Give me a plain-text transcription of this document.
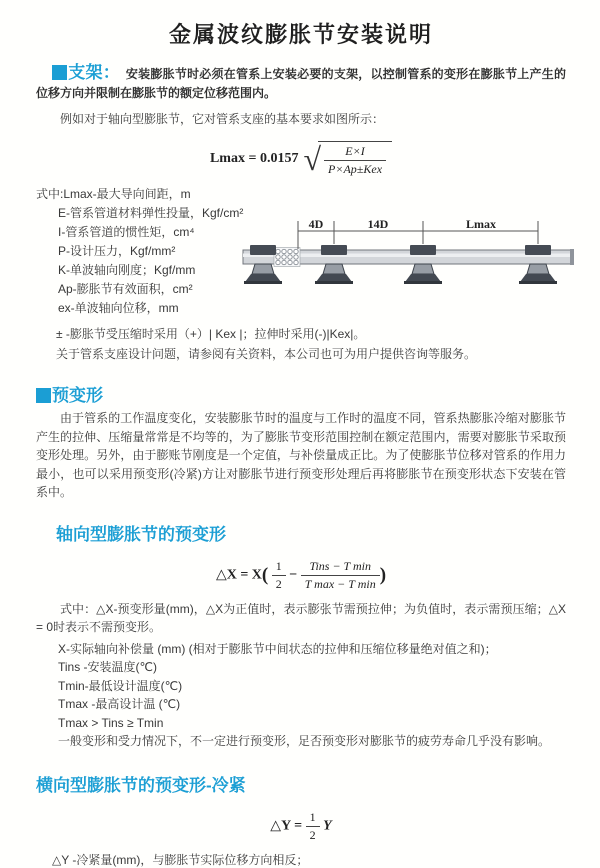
金属波纹膨胀节安装说明

支架： 安装膨胀节时必须在管系上安装必要的支架，以控制管系的变形在膨胀节上产生的位移方向并限制在膨胀节的额定位移范围内。

例如对于轴向型膨胀节，它对管系支座的基本要求如图所示：

Lmax = 0.0157 √ $\frac{E\times I}{\text{P×Ap±Kex}}$
式中:Lmax-最大导向间距，m
E-管系管道材料弹性投量，Kgf/cm²
I-管系管道的惯性矩，cm⁴
P-设计压力，Kgf/mm²
K-单波轴向刚度；Kgf/mm
Ap-膨胀节有效面积，cm²
ex-单波轴向位移，mm
4D	14D	Lmax

± -膨胀节受压缩时采用（+）| Kex |；拉伸时采用(-)|Kex|。

关于管系支座设计问题，请参阅有关资料，本公司也可为用户提供咨询等服务。

预变形

由于管系的工作温度变化，安装膨胀节时的温度与工作时的温度不同，管系热膨胀冷缩对膨胀节产生的拉伸、压缩量常常是不均等的，为了膨胀节变形范围控制在额定范围内，需要对膨胀节采取预变形处理。另外，由于膨账节刚度是一个定值，与补偿量成正比。为了使膨胀节位移对管系的作用力最小，也可以采用预变形(冷紧)方让对膨胀节进行预变形处理后再将膨胀节在预变形状态下安装在管系中。

轴向型膨胀节的预变形
△X = $X( \frac{1}{2} - \frac{\text{Tins − T min}}{\text{T max − T min}}$ )

式中：△X-预变形量(mm)，△X为正值时，表示膨张节需预拉伸；为负值时，表示需预压缩；△X = 0时表示不需预变形。

X-实际轴向补偿量 (mm) (相对于膨胀节中间状态的拉伸和压缩位移量绝对值之和)；
Tins -安装温度(℃)
Tmin-最低设计温度(℃)
Tmax -最高设计温 (℃)
Tmax > Tins ≥ Tmin
一般变形和受力情况下，不一定进行预变形，足否预变形对膨胀节的疲劳寿命几乎没有影响。
横向型膨胀节的预变形-冷紧
△Y = $\frac{1}{2}$ Y

△Y -冷紧量(mm)，与膨胀节实际位移方向相反；
